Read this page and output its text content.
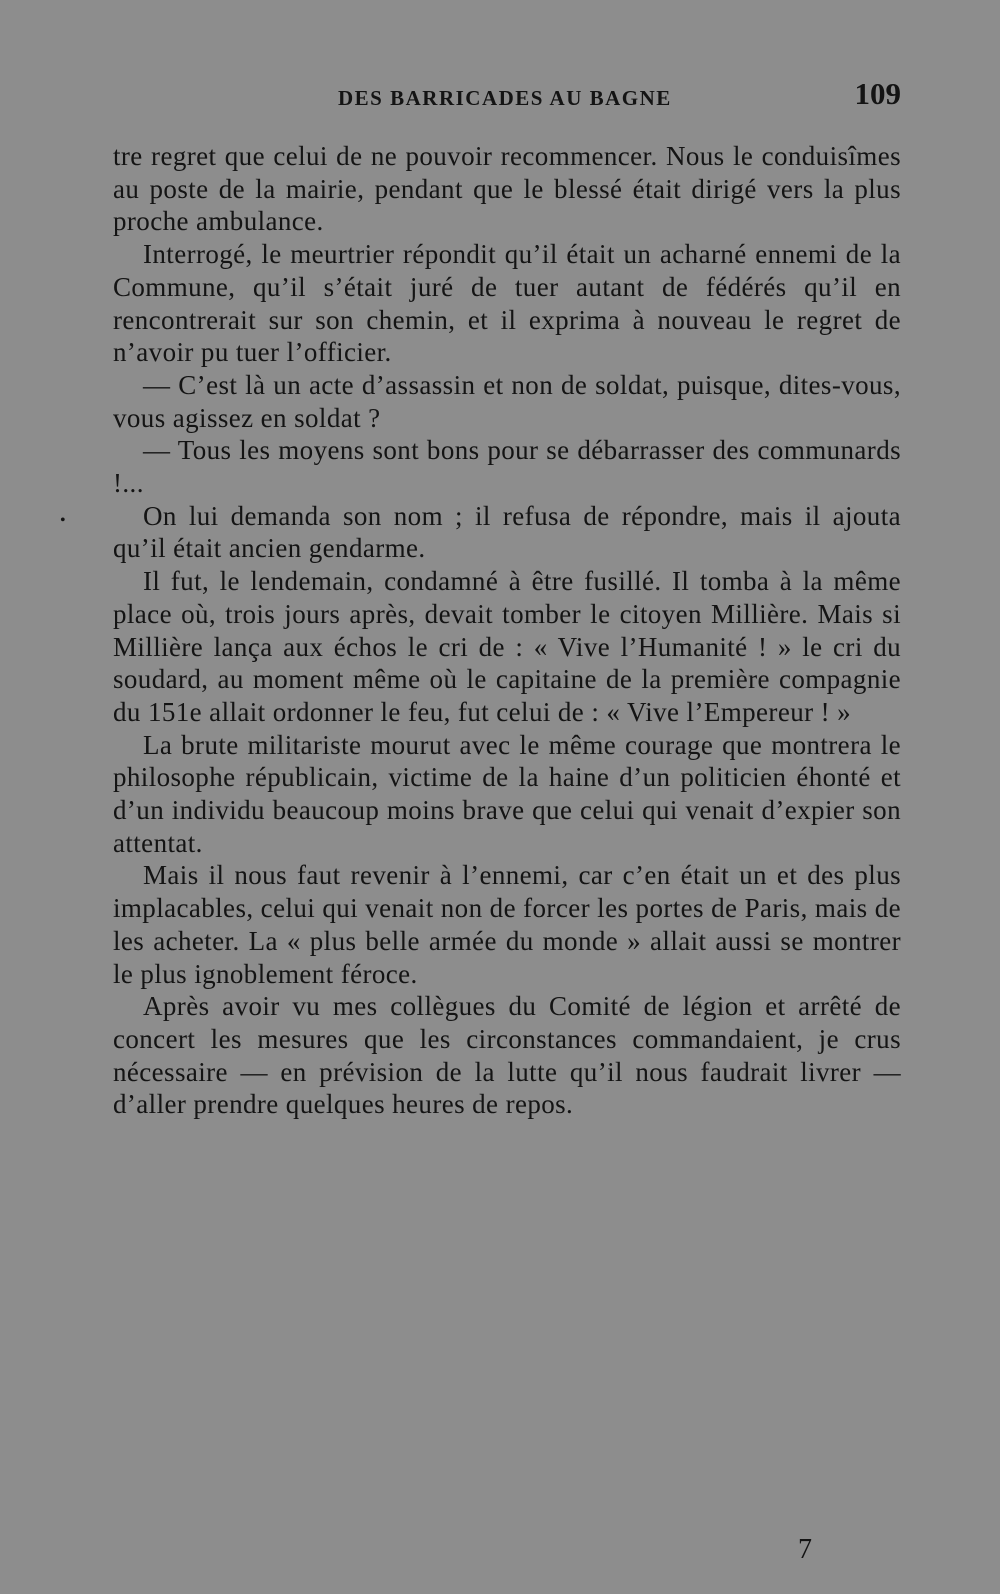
DES BARRICADES AU BAGNE	109
•

tre regret que celui de ne pouvoir recommencer. Nous le conduisîmes au poste de la mairie, pendant que le blessé était dirigé vers la plus proche ambulance.

Interrogé, le meurtrier répondit qu’il était un acharné ennemi de la Commune, qu’il s’était juré de tuer autant de fédérés qu’il en rencontrerait sur son chemin, et il exprima à nouveau le regret de n’avoir pu tuer l’officier.

— C’est là un acte d’assassin et non de soldat, puisque, dites-vous, vous agissez en soldat ?

— Tous les moyens sont bons pour se débarrasser des communards !...

On lui demanda son nom ; il refusa de répondre, mais il ajouta qu’il était ancien gendarme.

Il fut, le lendemain, condamné à être fusillé. Il tomba à la même place où, trois jours après, devait tomber le citoyen Millière. Mais si Millière lança aux échos le cri de : « Vive l’Humanité ! » le cri du soudard, au moment même où le capitaine de la première compagnie du 151e allait ordonner le feu, fut celui de : « Vive l’Empereur ! »

La brute militariste mourut avec le même courage que montrera le philosophe républicain, victime de la haine d’un politicien éhonté et d’un individu beaucoup moins brave que celui qui venait d’expier son attentat.

Mais il nous faut revenir à l’ennemi, car c’en était un et des plus implacables, celui qui venait non de forcer les portes de Paris, mais de les acheter. La « plus belle armée du monde » allait aussi se montrer le plus ignoblement féroce.

Après avoir vu mes collègues du Comité de légion et arrêté de concert les mesures que les circonstances commandaient, je crus nécessaire — en prévision de la lutte qu’il nous faudrait livrer — d’aller prendre quelques heures de repos.

7
